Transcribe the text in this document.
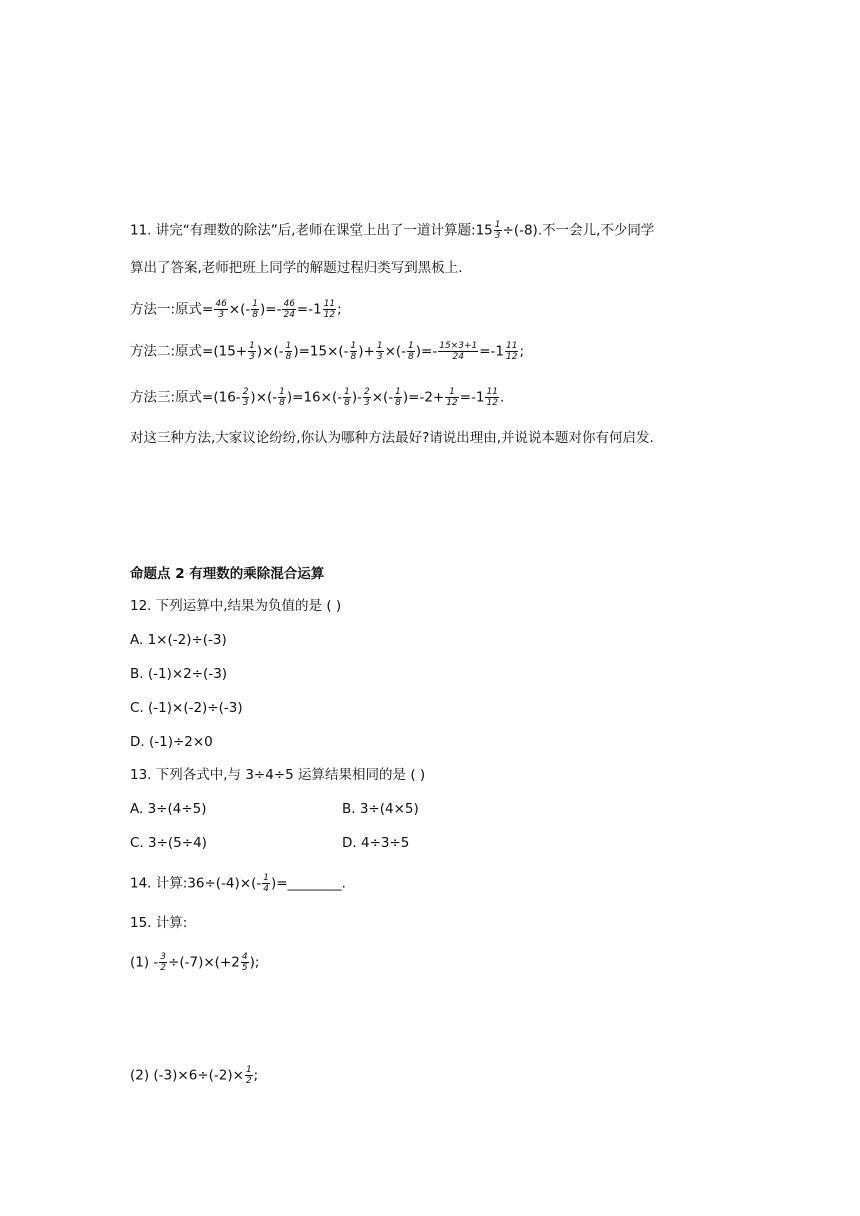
11. 讲完“有理数的除法”后,老师在课堂上出了一道计算题:15 $\frac{1}{3} \div(-8)$.不一会儿,不少同学
算出了答案,老师把班上同学的解题过程归类写到黑板上.
方法一:原式= $\frac{46}{3}$ ×(- $\frac{1}{8}$ )=- $\frac{46}{24} =-1 \frac{11}{12}$ ;
方法二:原式$=(15+ \frac{1}{3}$ )×(- $\frac{1}{8} )=15\times(- \frac{1}{8}$ )+ $\frac{1}{3}$ ×(- $\frac{1}{8}$ )=- $\frac{15\times 3+1}{24} =-1 \frac{11}{12}$ ;
方法三:原式$=(16- \frac{2}{3}$ )×(- $\frac{1}{8} )=16\times(- \frac{1}{8}$ )- $\frac{2}{3}$ ×(- $\frac{1}{8} )=-2+ \frac{1}{12} =-1 \frac{11}{12}$ .
对这三种方法,大家议论纷纷,你认为哪种方法最好?请说出理由,并说说本题对你有何启发.
命题点 2 有理数的乘除混合运算
12. 下列运算中,结果为负值的是 ( )
A. 1×(-2)÷(-3)
B. (-1)×2÷(-3)
C. (-1)×(-2)÷(-3)
D. (-1)÷2×0
13. 下列各式中,与 3÷4÷5 运算结果相同的是 ( )
A. 3÷(4÷5)	B. 3÷(4×5)
C. 3÷(5÷4)	D. 4÷3÷5
14. 计算:36÷(-4)×(- $\frac{1}{4}$ )=________.
15. 计算:
$(1) - \frac{3}{2} \div(-7)\times(+2 \frac{4}{5}$ );
(2) $(-3)\times 6\div(-2)\times \frac{1}{2}$ ;
